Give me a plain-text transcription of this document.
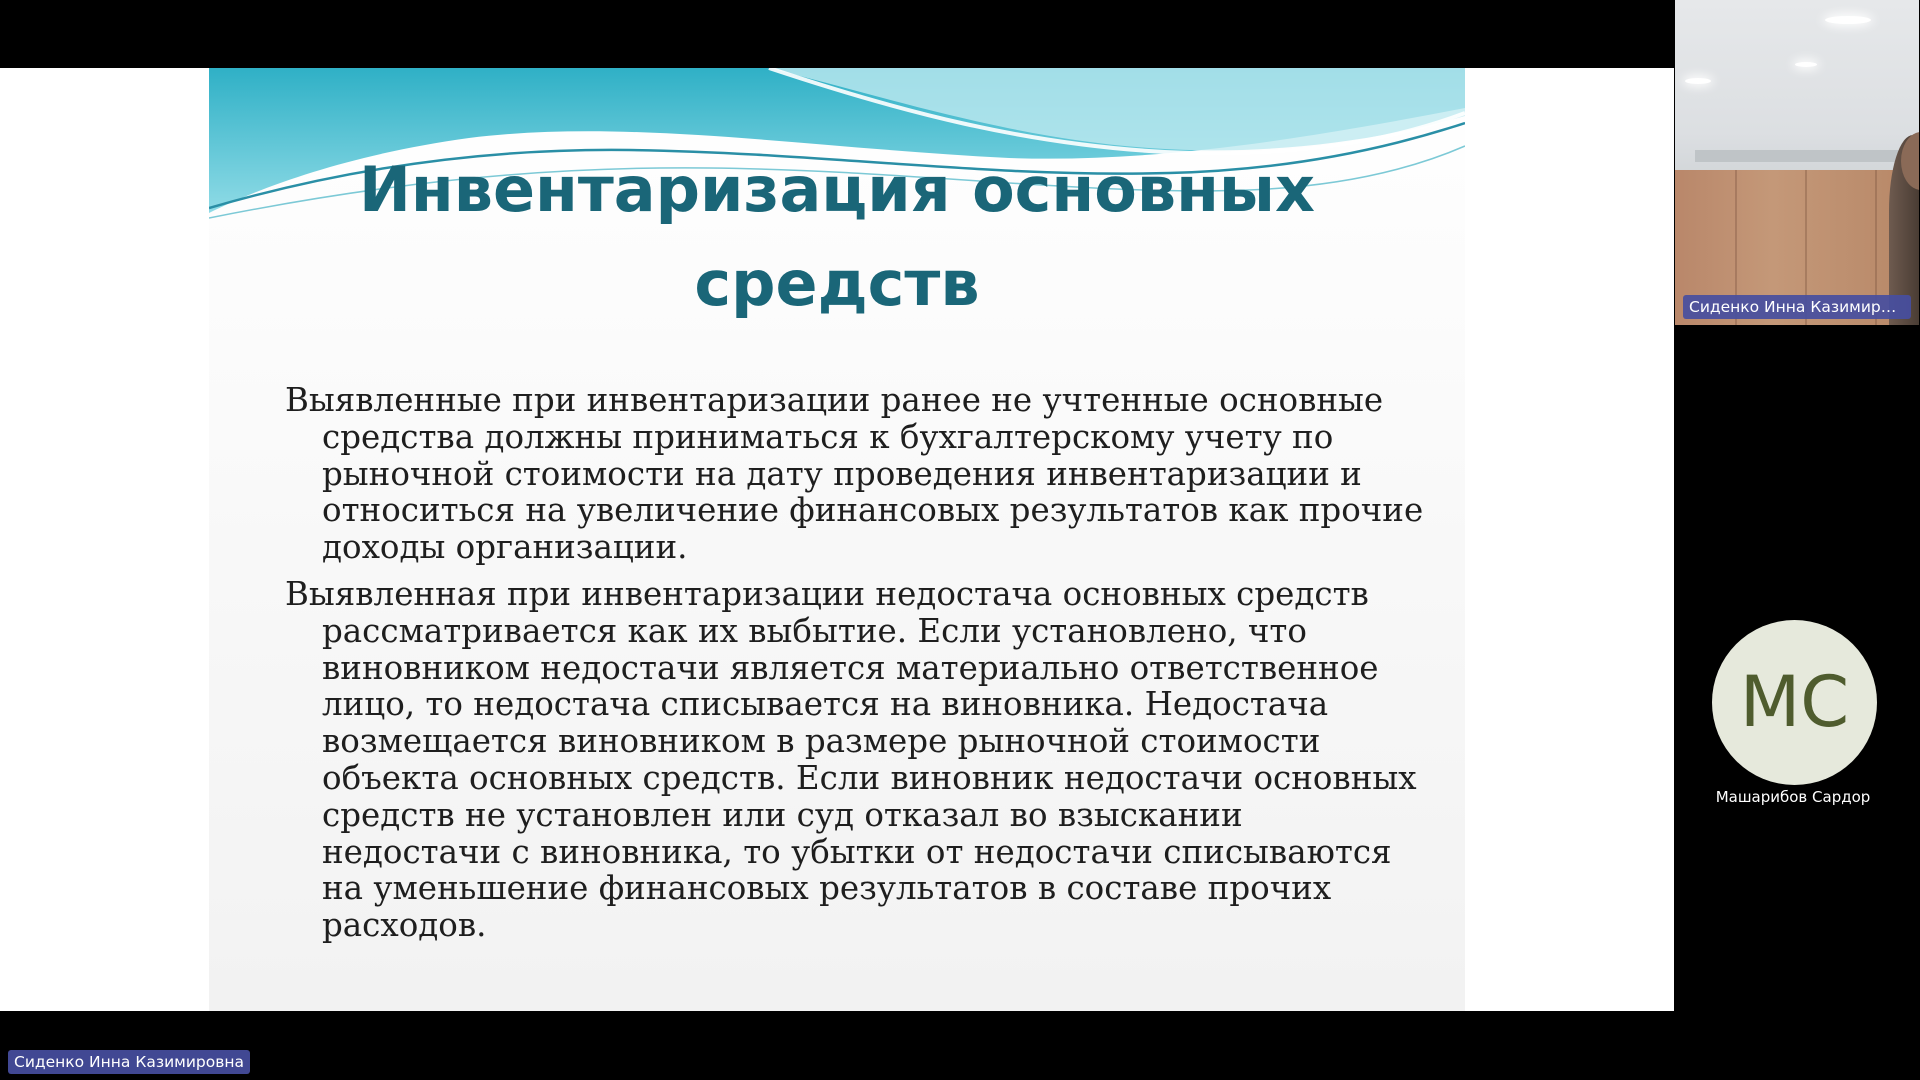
Инвентаризация основных
средств

Выявленные при инвентаризации ранее не учтенные основные средства должны приниматься к бухгалтерскому учету по рыночной стоимости на дату проведения инвентаризации и относиться на увеличение финансовых результатов как прочие доходы организации.

Выявленная при инвентаризации недостача основных средств рассматривается как их выбытие. Если установлено, что виновником недостачи является материально ответственное лицо, то недостача списывается на виновника. Недостача возмещается виновником в размере рыночной стоимости объекта основных средств. Если виновник недостачи основных средств не установлен или суд отказал во взыскании недостачи с виновника, то убытки от недостачи списываются на уменьшение финансовых результатов в составе прочих расходов.

Сиденко Инна Казимиро...
МС
Машарибов Сардор
Сиденко Инна Казимировна
